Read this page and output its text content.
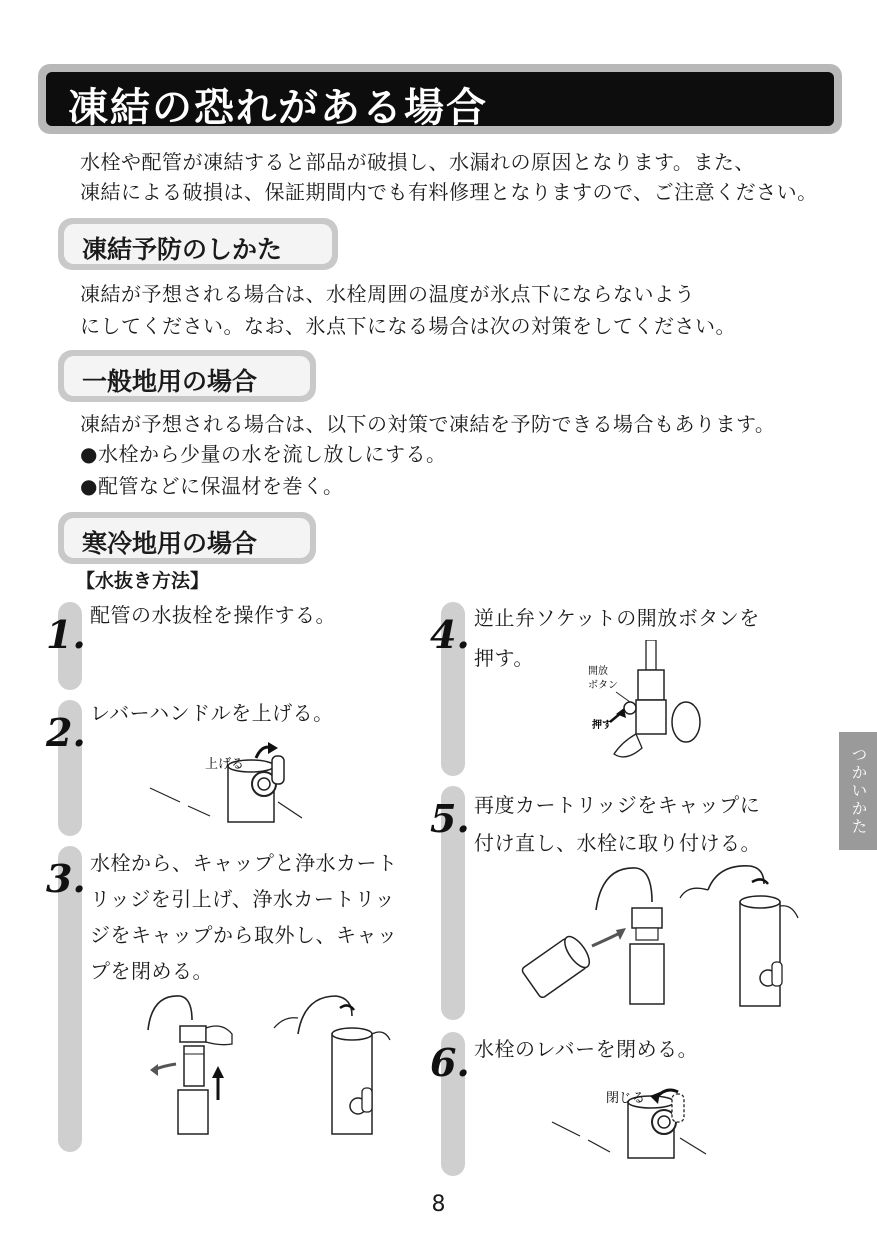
凍結の恐れがある場合
水栓や配管が凍結すると部品が破損し、水漏れの原因となります。また、
凍結による破損は、保証期間内でも有料修理となりますので、ご注意ください。
凍結予防のしかた
凍結が予想される場合は、水栓周囲の温度が氷点下にならないよう
にしてください。なお、氷点下になる場合は次の対策をしてください。
一般地用の場合
凍結が予想される場合は、以下の対策で凍結を予防できる場合もあります。
●水栓から少量の水を流し放しにする。
●配管などに保温材を巻く。
寒冷地用の場合
【水抜き方法】
1.
2.
3.
4.
5.
6.
配管の水抜栓を操作する。
レバーハンドルを上げる。
水栓から、キャップと浄水カート
リッジを引上げ、浄水カートリッ
ジをキャップから取外し、キャッ
プを閉める。
逆止弁ソケットの開放ボタンを
押す。
再度カートリッジをキャップに
付け直し、水栓に取り付ける。
水栓のレバーを閉める。
上げる
開放
ボタン
押す
閉じる
つかいかた
8
